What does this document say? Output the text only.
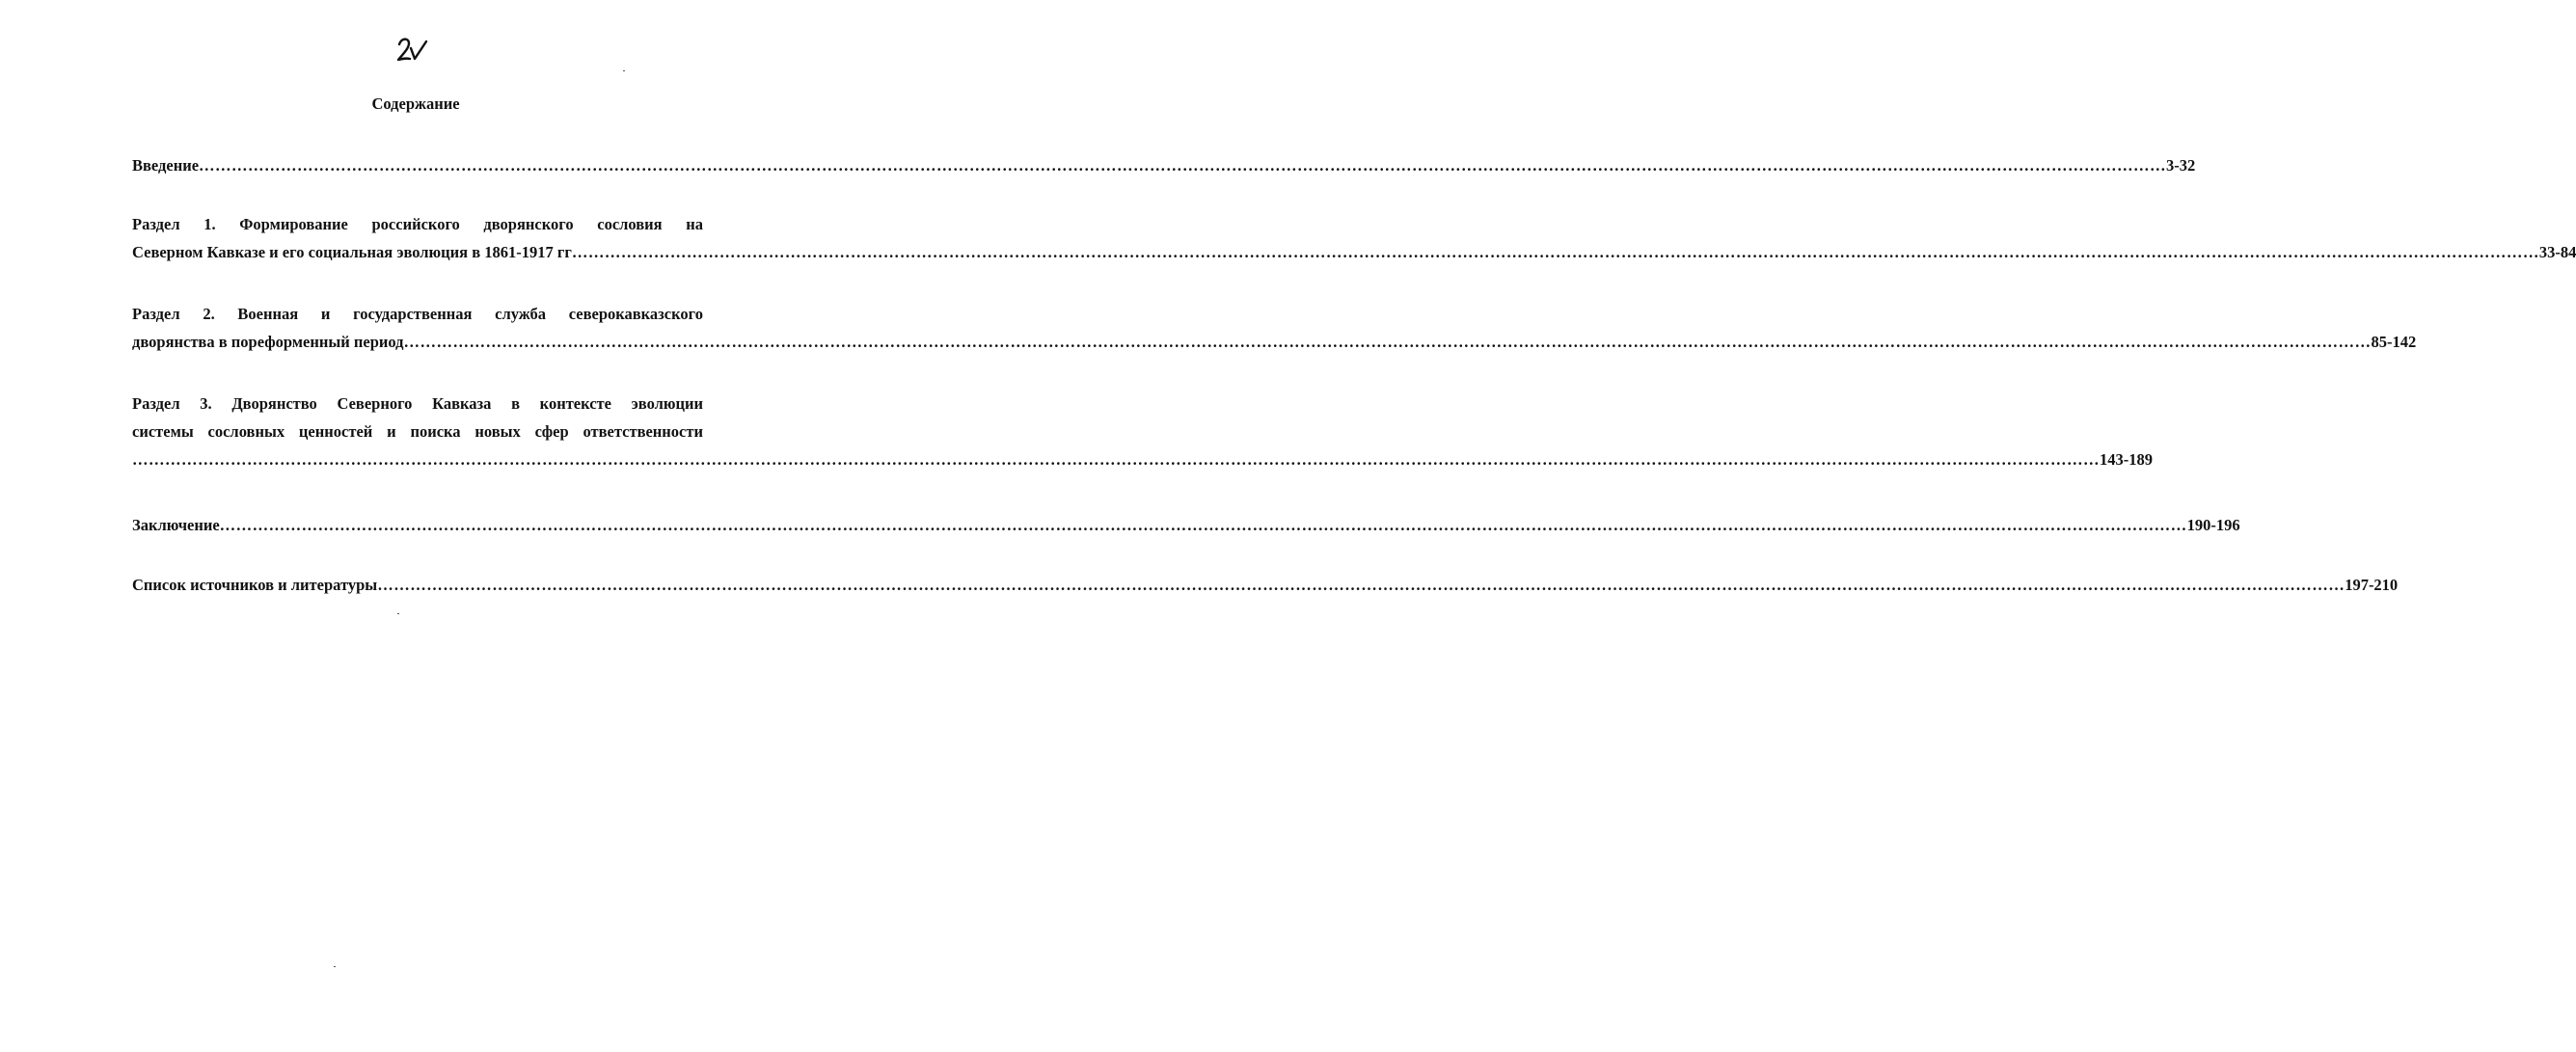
Содержание
Введение ……………………………………………………………………………………………………………………………………………………………………………………………………………………………………………………………………………………………………………………………… 3-32
Раздел 1. Формирование российского дворянского сословия на
Северном Кавказе и его социальная эволюция в 1861-1917 гг ……………………………………………………………………………………………………………………………………………………………………………………………………………………………………………………………………………………………………………………………… 33-84
Раздел 2. Военная и государственная служба северокавказского
дворянства в пореформенный период ……………………………………………………………………………………………………………………………………………………………………………………………………………………………………………………………………………………………………………………………… 85-142
Раздел 3. Дворянство Северного Кавказа в контексте эволюции
системы сословных ценностей и поиска новых сфер ответственности
……………………………………………………………………………………………………………………………………………………………………………………………………………………………………………………………………………………………………………………………… 143-189
Заключение ……………………………………………………………………………………………………………………………………………………………………………………………………………………………………………………………………………………………………………………………… 190-196
Список источников и литературы ……………………………………………………………………………………………………………………………………………………………………………………………………………………………………………………………………………………………………………………………… 197-210
